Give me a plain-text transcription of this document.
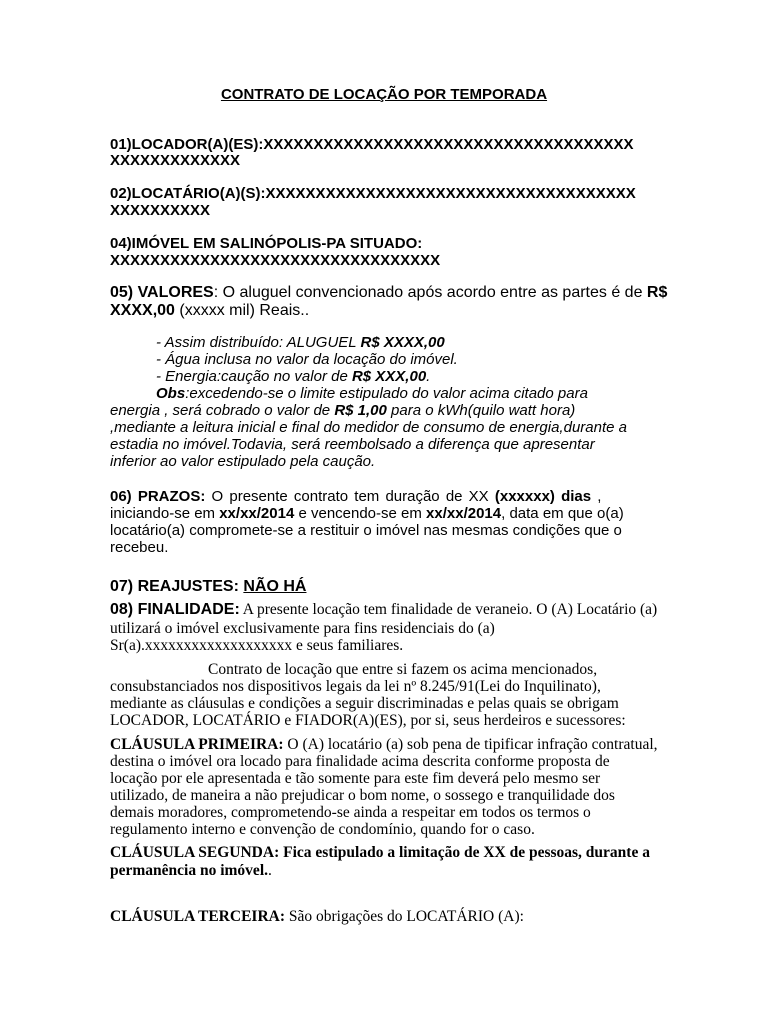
CONTRATO DE LOCAÇÃO POR TEMPORADA
01)LOCADOR(A)(ES):XXXXXXXXXXXXXXXXXXXXXXXXXXXXXXXXXXXXX
XXXXXXXXXXXXX
02)LOCATÁRIO(A)(S):XXXXXXXXXXXXXXXXXXXXXXXXXXXXXXXXXXXXX
XXXXXXXXXX
04)IMÓVEL EM SALINÓPOLIS-PA SITUADO:
XXXXXXXXXXXXXXXXXXXXXXXXXXXXXXXXX
05) VALORES: O aluguel convencionado após acordo entre as partes é de R$
XXXX,00 (xxxxx mil) Reais..
- Assim distribuído: ALUGUEL R$ XXXX,00
- Água inclusa no valor da locação do imóvel.
- Energia:caução no valor de R$ XXX,00.
Obs:excedendo-se o limite estipulado do valor acima citado para
energia , será cobrado o valor de R$ 1,00 para o kWh(quilo watt hora)
,mediante a leitura inicial e final do medidor de consumo de energia,durante a
estadia no imóvel.Todavia, será reembolsado a diferença que apresentar
inferior ao valor estipulado pela caução.
06) PRAZOS: O presente contrato tem duração de XX (xxxxxx) dias ,
iniciando-se em xx/xx/2014 e vencendo-se em xx/xx/2014, data em que o(a)
locatário(a) compromete-se a restituir o imóvel nas mesmas condições que o
recebeu.
07) REAJUSTES: NÃO HÁ
08) FINALIDADE: A presente locação tem finalidade de veraneio. O (A) Locatário (a)
utilizará o imóvel exclusivamente para fins residenciais do (a)
Sr(a).xxxxxxxxxxxxxxxxxxx e seus familiares.
Contrato de locação que entre si fazem os acima mencionados,
consubstanciados nos dispositivos legais da lei nº 8.245/91(Lei do Inquilinato),
mediante as cláusulas e condições a seguir discriminadas e pelas quais se obrigam
LOCADOR, LOCATÁRIO e FIADOR(A)(ES), por si, seus herdeiros e sucessores:
CLÁUSULA PRIMEIRA: O (A) locatário (a) sob pena de tipificar infração contratual,
destina o imóvel ora locado para finalidade acima descrita conforme proposta de
locação por ele apresentada e tão somente para este fim deverá pelo mesmo ser
utilizado, de maneira a não prejudicar o bom nome, o sossego e tranquilidade dos
demais moradores, comprometendo-se ainda a respeitar em todos os termos o
regulamento interno e convenção de condomínio, quando for o caso.
CLÁUSULA SEGUNDA: Fica estipulado a limitação de XX de pessoas, durante a
permanência no imóvel..
CLÁUSULA TERCEIRA: São obrigações do LOCATÁRIO (A):
